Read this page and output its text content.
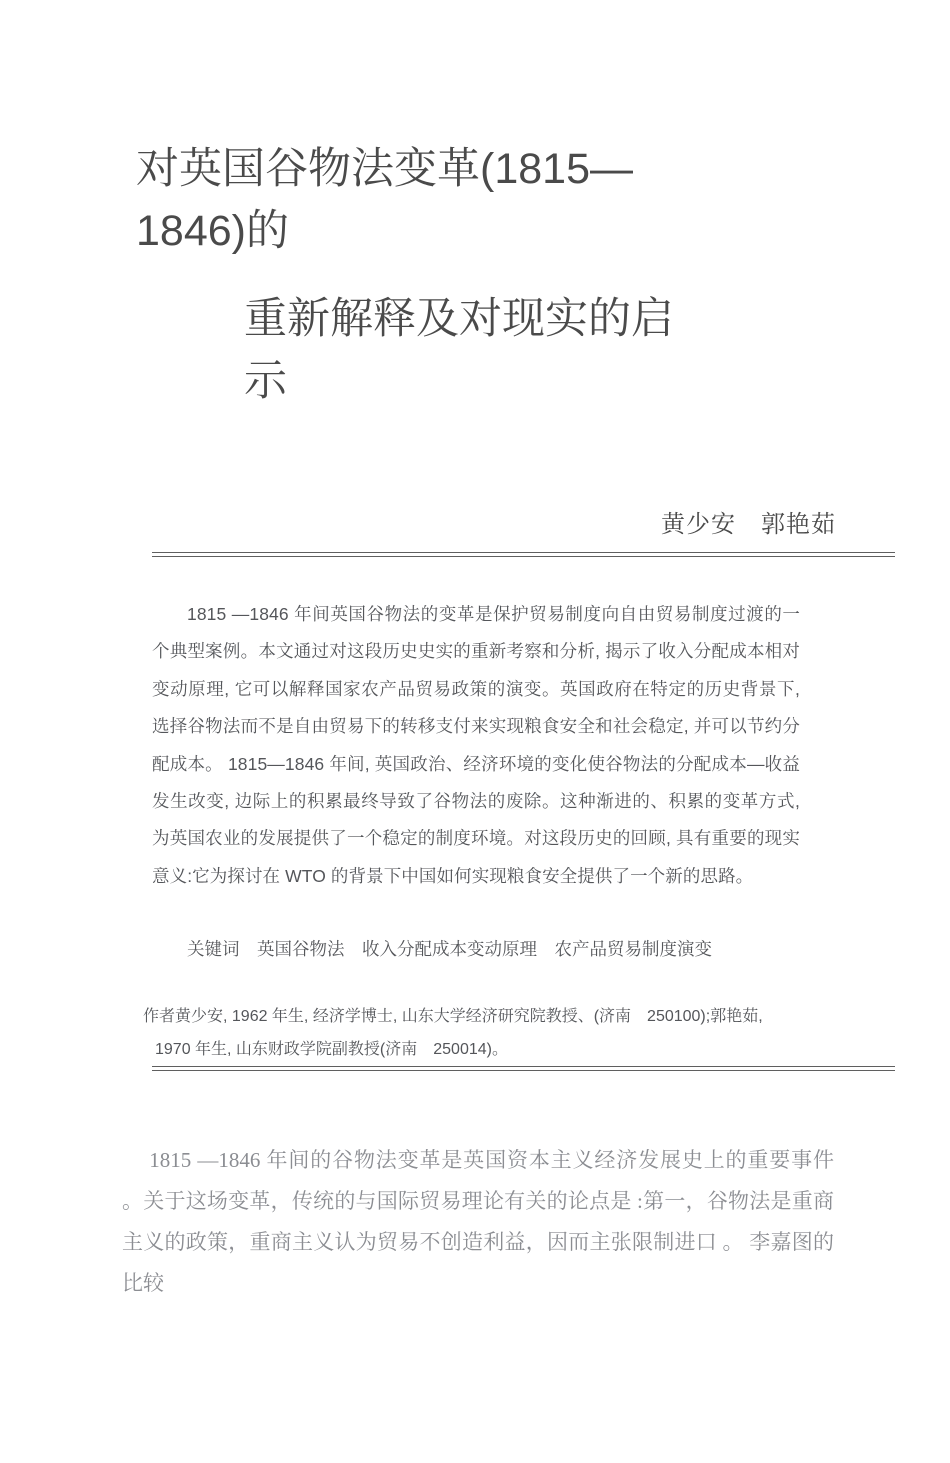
对英国谷物法变革(1815—
1846)的
重新解释及对现实的启
示
黄少安　郭艳茹

1815 —1846 年间英国谷物法的变革是保护贸易制度向自由贸易制度过渡的一个典型案例。本文通过对这段历史史实的重新考察和分析, 揭示了收入分配成本相对变动原理, 它可以解释国家农产品贸易政策的演变。英国政府在特定的历史背景下, 选择谷物法而不是自由贸易下的转移支付来实现粮食安全和社会稳定, 并可以节约分配成本。 1815—1846 年间, 英国政治、经济环境的变化使谷物法的分配成本—收益发生改变, 边际上的积累最终导致了谷物法的废除。这种渐进的、积累的变革方式, 为英国农业的发展提供了一个稳定的制度环境。对这段历史的回顾, 具有重要的现实意义:它为探讨在 WTO 的背景下中国如何实现粮食安全提供了一个新的思路。

关键词　英国谷物法　收入分配成本变动原理　农产品贸易制度演变
作者黄少安, 1962 年生, 经济学博士, 山东大学经济研究院教授、(济南　250100);郭艳茹,
1970 年生, 山东财政学院副教授(济南　250014)。

1815 —1846 年间的谷物法变革是英国资本主义经济发展史上的重要事件 。关于这场变革，传统的与国际贸易理论有关的论点是 :第一，谷物法是重商主义的政策，重商主义认为贸易不创造利益，因而主张限制进口 。 李嘉图的比较
